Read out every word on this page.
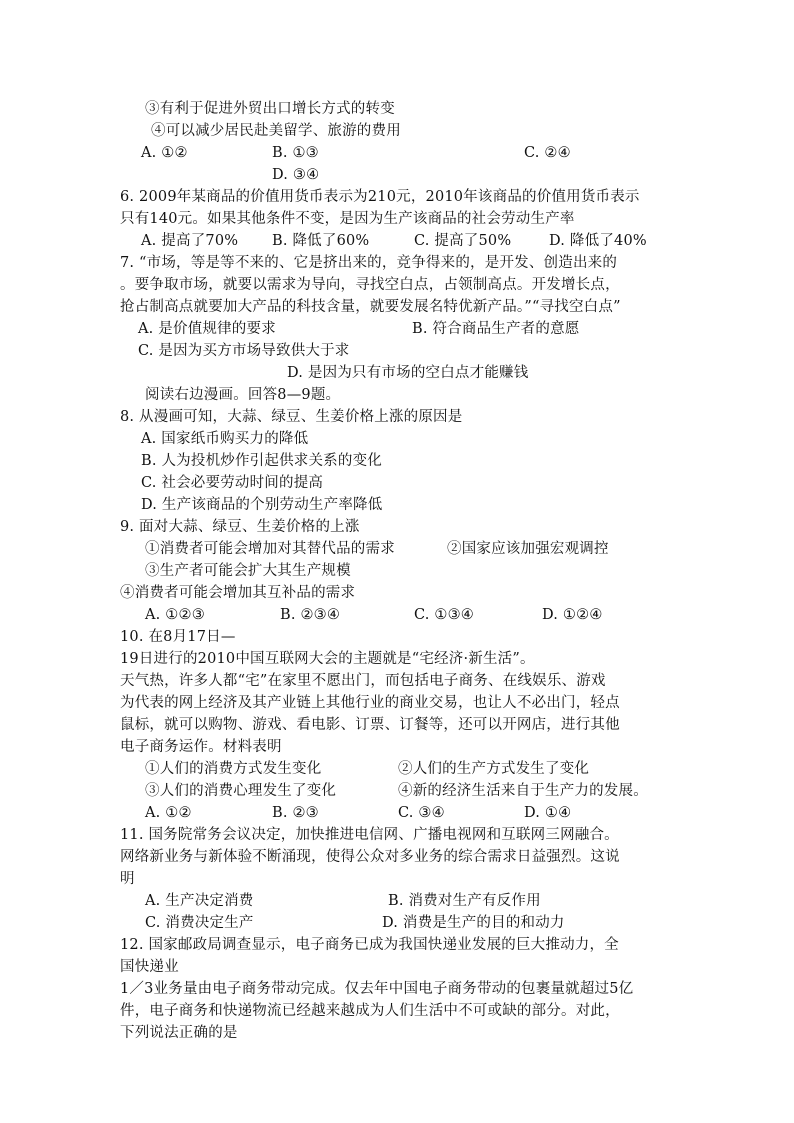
③有利于促进外贸出口增长方式的转变
④可以减少居民赴美留学、旅游的费用
A. ①②	B. ①③	C. ②④
D. ③④
6. 2009年某商品的价值用货币表示为210元，2010年该商品的价值用货币表示
只有140元。如果其他条件不变，是因为生产该商品的社会劳动生产率
A. 提高了70% B. 降低了60%	C. 提高了50%	D. 降低了40%
7. “市场，等是等不来的、它是挤出来的，竞争得来的，是开发、创造出来的
。要争取市场，就要以需求为导向，寻找空白点，占领制高点。开发增长点，
抢占制高点就要加大产品的科技含量，就要发展名特优新产品。”“寻找空白点”
A. 是价值规律的要求	B. 符合商品生产者的意愿
C. 是因为买方市场导致供大于求
D. 是因为只有市场的空白点才能赚钱
阅读右边漫画。回答8—9题。
8. 从漫画可知，大蒜、绿豆、生姜价格上涨的原因是
A. 国家纸币购买力的降低
B. 人为投机炒作引起供求关系的变化
C. 社会必要劳动时间的提高
D. 生产该商品的个别劳动生产率降低
9. 面对大蒜、绿豆、生姜价格的上涨
①消费者可能会增加对其替代品的需求	②国家应该加强宏观调控
③生产者可能会扩大其生产规模
④消费者可能会增加其互补品的需求
A. ①②③	B. ②③④	C. ①③④	D. ①②④
10. 在8月17日—
19日进行的2010中国互联网大会的主题就是“宅经济·新生活”。
天气热，许多人都“宅”在家里不愿出门，而包括电子商务、在线娱乐、游戏
为代表的网上经济及其产业链上其他行业的商业交易，也让人不必出门，轻点
鼠标，就可以购物、游戏、看电影、订票、订餐等，还可以开网店，进行其他
电子商务运作。材料表明
①人们的消费方式发生变化	②人们的生产方式发生了变化
③人们的消费心理发生了变化	④新的经济生活来自于生产力的发展。
A. ①②	B. ②③	C. ③④	D. ①④
11. 国务院常务会议决定，加快推进电信网、广播电视网和互联网三网融合。
网络新业务与新体验不断涌现，使得公众对多业务的综合需求日益强烈。这说
明
A. 生产决定消费	B. 消费对生产有反作用
C. 消费决定生产	D. 消费是生产的目的和动力
12. 国家邮政局调查显示，电子商务已成为我国快递业发展的巨大推动力，全
国快递业
1／3业务量由电子商务带动完成。仅去年中国电子商务带动的包裹量就超过5亿
件，电子商务和快递物流已经越来越成为人们生活中不可或缺的部分。对此，
下列说法正确的是
